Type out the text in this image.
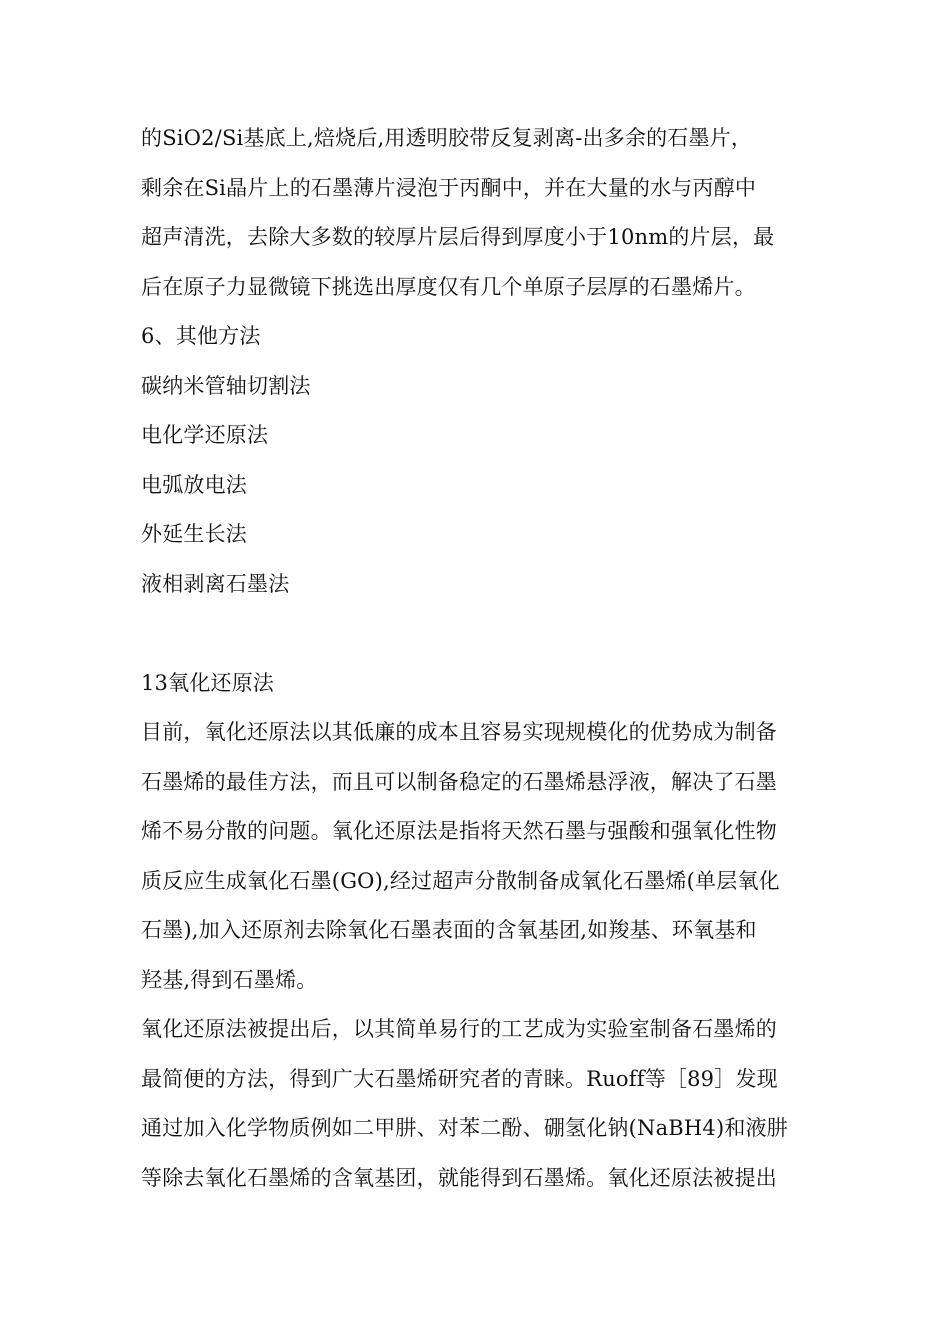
的SiO2/Si基底上,焙烧后,用透明胶带反复剥离-出多余的石墨片，
剩余在Si晶片上的石墨薄片浸泡于丙酮中，并在大量的水与丙醇中
超声清洗，去除大多数的较厚片层后得到厚度小于10nm的片层，最
后在原子力显微镜下挑选出厚度仅有几个单原子层厚的石墨烯片。
6、其他方法
碳纳米管轴切割法
电化学还原法
电弧放电法
外延生长法
液相剥离石墨法
13氧化还原法
目前，氧化还原法以其低廉的成本且容易实现规模化的优势成为制备
石墨烯的最佳方法，而且可以制备稳定的石墨烯悬浮液，解决了石墨
烯不易分散的问题。氧化还原法是指将天然石墨与强酸和强氧化性物
质反应生成氧化石墨(GO),经过超声分散制备成氧化石墨烯(单层氧化
石墨),加入还原剂去除氧化石墨表面的含氧基团,如羧基、环氧基和
羟基,得到石墨烯。
氧化还原法被提出后，以其简单易行的工艺成为实验室制备石墨烯的
最简便的方法，得到广大石墨烯研究者的青睐。Ruoff等［89］发现
通过加入化学物质例如二甲肼、对苯二酚、硼氢化钠(NaBH4)和液肼
等除去氧化石墨烯的含氧基团，就能得到石墨烯。氧化还原法被提出
